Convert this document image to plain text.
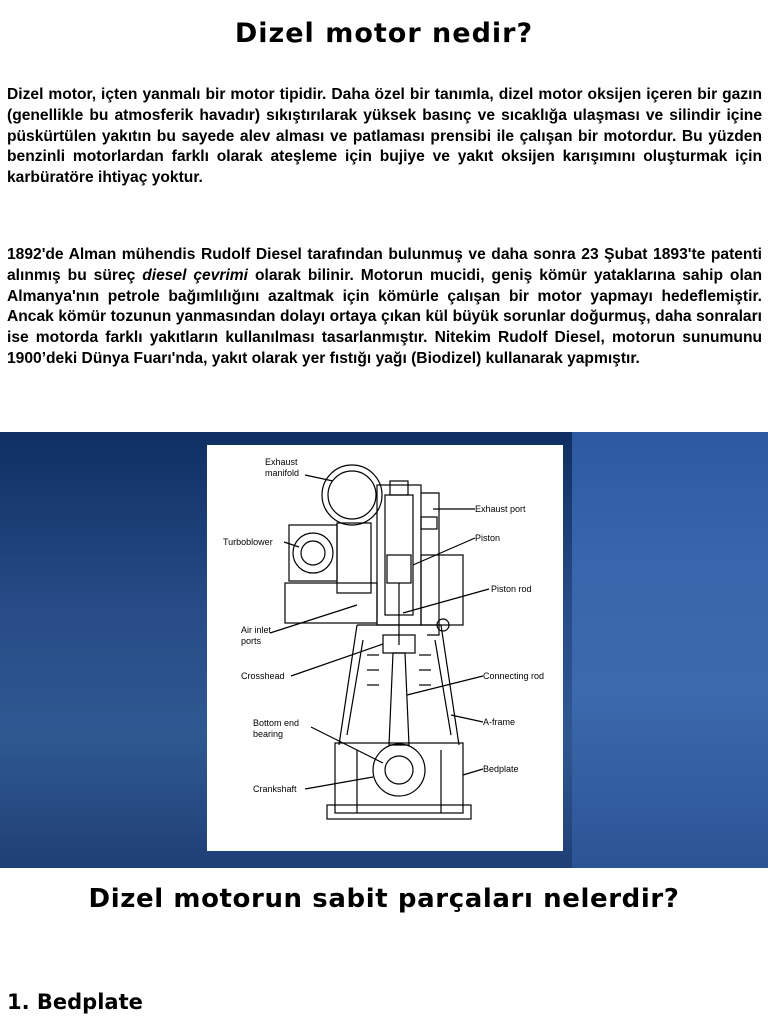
Dizel motor nedir?

Dizel motor, içten yanmalı bir motor tipidir. Daha özel bir tanımla, dizel motor oksijen içeren bir gazın (genellikle bu atmosferik havadır) sıkıştırılarak yüksek basınç ve sıcaklığa ulaşması ve silindir içine püskürtülen yakıtın bu sayede alev alması ve patlaması prensibi ile çalışan bir motordur. Bu yüzden benzinli motorlardan farklı olarak ateşleme için bujiye ve yakıt oksijen karışımını oluşturmak için karbüratöre ihtiyaç yoktur.

1892'de Alman mühendis Rudolf Diesel tarafından bulunmuş ve daha sonra 23 Şubat 1893'te patenti alınmış bu süreç diesel çevrimi olarak bilinir. Motorun mucidi, geniş kömür yataklarına sahip olan Almanya'nın petrole bağımlılığını azaltmak için kömürle çalışan bir motor yapmayı hedeflemiştir. Ancak kömür tozunun yanmasından dolayı ortaya çıkan kül büyük sorunlar doğurmuş, daha sonraları ise motorda farklı yakıtların kullanılması tasarlanmıştır. Nitekim Rudolf Diesel, motorun sunumunu 1900’deki Dünya Fuarı'nda, yakıt olarak yer fıstığı yağı (Biodizel) kullanarak yapmıştır.

Exhaust
manifold
Exhaust port
Turboblower	Piston
Piston rod
Air inlet
ports
Crosshead	Connecting rod
A-frame
Bottom end
bearing
Bedplate
Crankshaft
Dizel motorun sabit parçaları nelerdir?

1. Bedplate
